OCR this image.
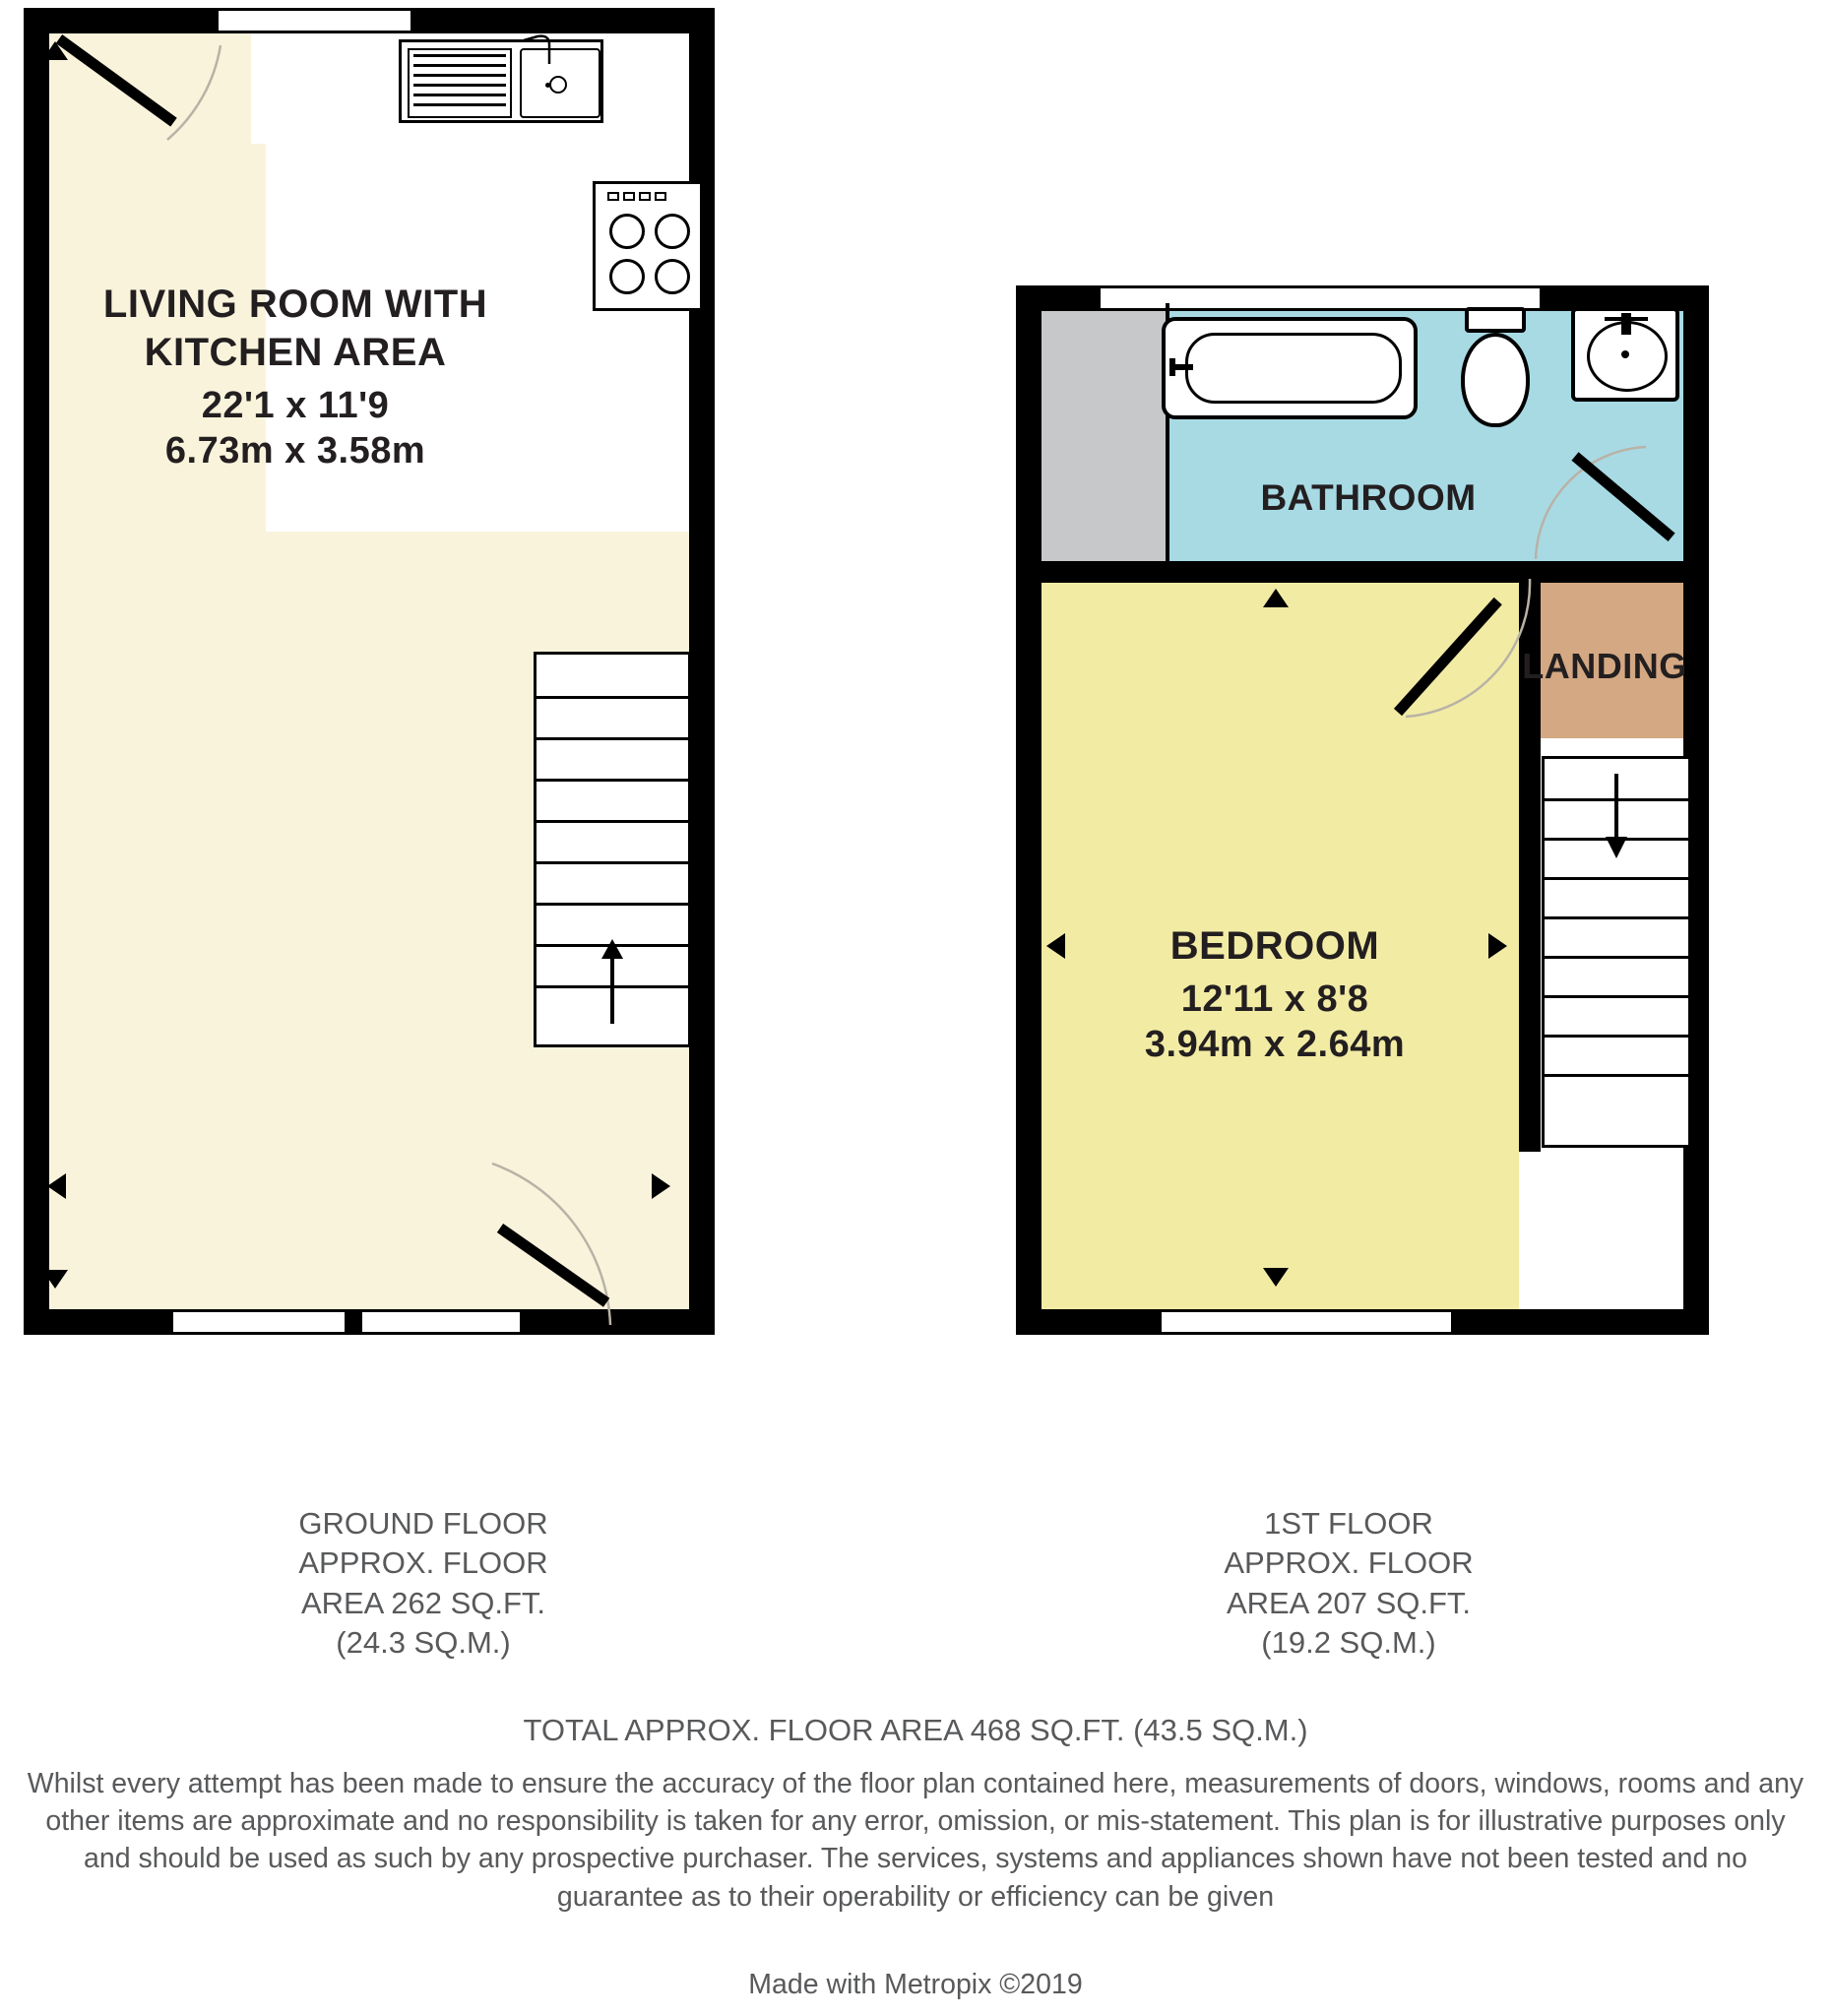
LIVING ROOM WITH
KITCHEN AREA
22'1 x 11'9
6.73m x 3.58m
BATHROOM
LANDING
BEDROOM
12'11 x 8'8
3.94m x 2.64m
GROUND FLOOR
APPROX. FLOOR
AREA 262 SQ.FT.
(24.3 SQ.M.)
1ST FLOOR
APPROX. FLOOR
AREA 207 SQ.FT.
(19.2 SQ.M.)
TOTAL APPROX. FLOOR AREA 468 SQ.FT. (43.5 SQ.M.)
Whilst every attempt has been made to ensure the accuracy of the floor plan contained here, measurements of doors, windows, rooms and any other items are approximate and no responsibility is taken for any error, omission, or mis-statement. This plan is for illustrative purposes only and should be used as such by any prospective purchaser. The services, systems and appliances shown have not been tested and no guarantee as to their operability or efficiency can be given
Made with Metropix ©2019
